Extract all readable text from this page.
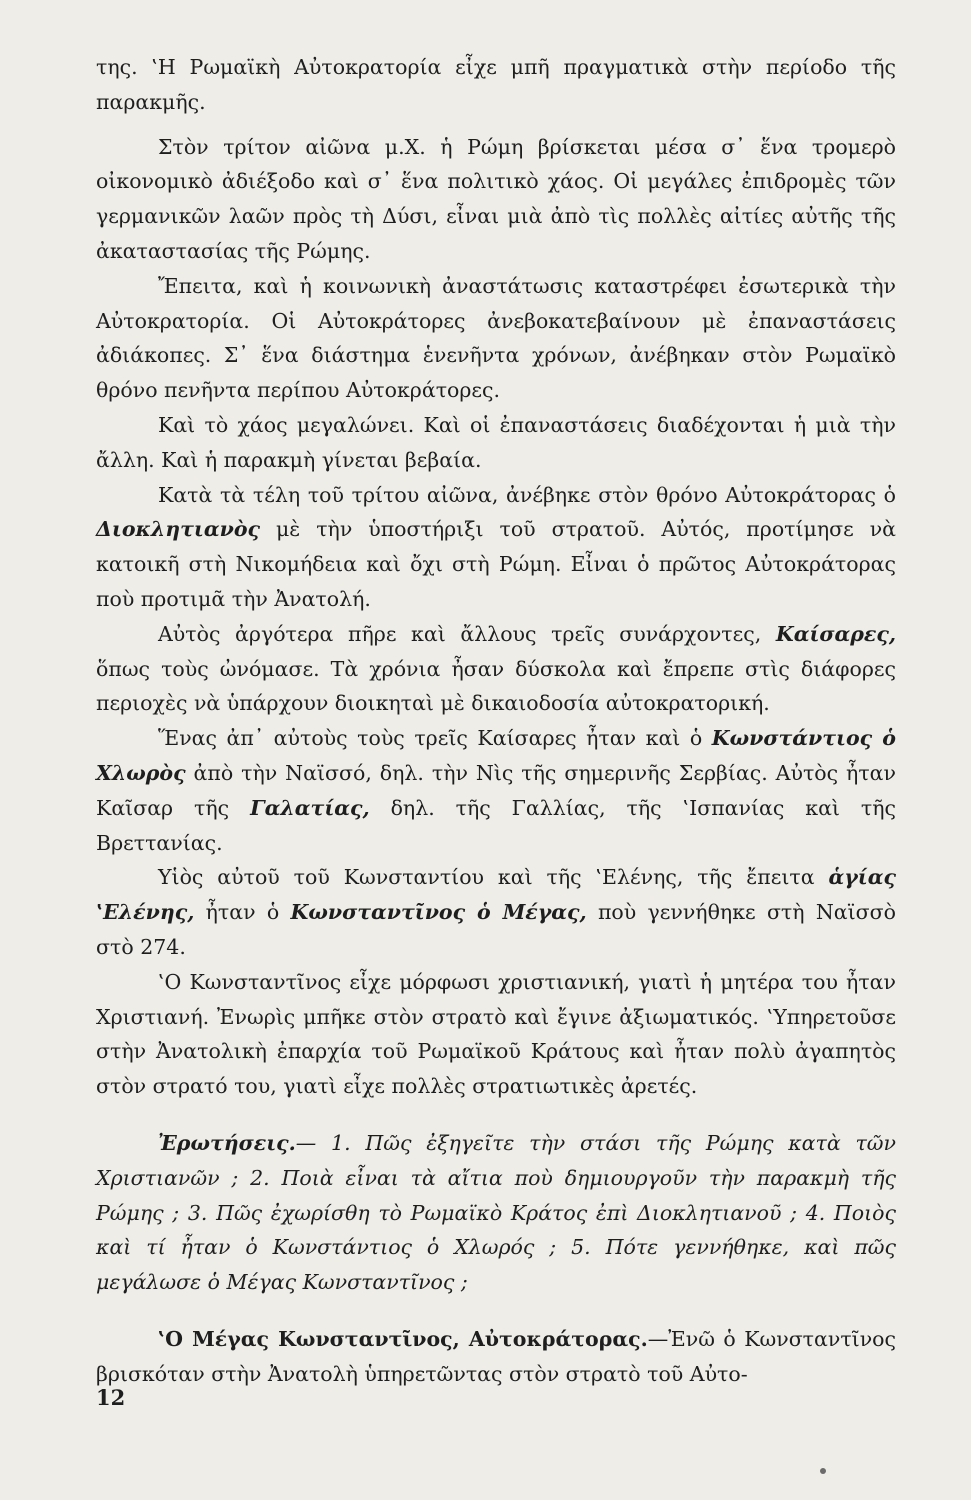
της. ‛Η Ρωμαϊκὴ Αὐτοκρατορία εἶχε μπῆ πραγματικὰ στὴν περίοδο τῆς παρακμῆς.

Στὸν τρίτον αἰῶνα μ.Χ. ἡ Ρώμη βρίσκεται μέσα σ᾿ ἕνα τρομερὸ οἰκονομικὸ ἀδιέξοδο καὶ σ᾿ ἕνα πολιτικὸ χάος. Οἱ μεγάλες ἐπιδρομὲς τῶν γερμανικῶν λαῶν πρὸς τὴ Δύσι, εἶναι μιὰ ἀπὸ τὶς πολλὲς αἰτίες αὐτῆς τῆς ἀκαταστασίας τῆς Ρώμης.

Ἔπειτα, καὶ ἡ κοινωνικὴ ἀναστάτωσις καταστρέφει ἐσωτερικὰ τὴν Αὐτοκρατορία. Οἱ Αὐτοκράτορες ἀνεβοκατεβαίνουν μὲ ἐπαναστάσεις ἀδιάκοπες. Σ᾿ ἕνα διάστημα ἑνενῆντα χρόνων, ἀνέβηκαν στὸν Ρωμαϊκὸ θρόνο πενῆντα περίπου Αὐτοκράτορες.

Καὶ τὸ χάος μεγαλώνει. Καὶ οἱ ἐπαναστάσεις διαδέχονται ἡ μιὰ τὴν ἄλλη. Καὶ ἡ παρακμὴ γίνεται βεβαία.

Κατὰ τὰ τέλη τοῦ τρίτου αἰῶνα, ἀνέβηκε στὸν θρόνο Αὐτοκράτορας ὁ Διοκλητιανὸς μὲ τὴν ὑποστήριξι τοῦ στρατοῦ. Αὐτός, προτίμησε νὰ κατοικῆ στὴ Νικομήδεια καὶ ὄχι στὴ Ρώμη. Εἶναι ὁ πρῶτος Αὐτοκράτορας ποὺ προτιμᾶ τὴν Ἀνατολή.

Αὐτὸς ἀργότερα πῆρε καὶ ἄλλους τρεῖς συνάρχοντες, Καίσαρες, ὅπως τοὺς ὠνόμασε. Τὰ χρόνια ἦσαν δύσκολα καὶ ἔπρεπε στὶς διάφορες περιοχὲς νὰ ὑπάρχουν διοικηταὶ μὲ δικαιοδοσία αὐτοκρατορική.

Ἕνας ἀπ᾿ αὐτοὺς τοὺς τρεῖς Καίσαρες ἦταν καὶ ὁ Κωνστάντιος ὁ Χλωρὸς ἀπὸ τὴν Ναϊσσό, δηλ. τὴν Νὶς τῆς σημερινῆς Σερβίας. Αὐτὸς ἦταν Καῖσαρ τῆς Γαλατίας, δηλ. τῆς Γαλλίας, τῆς ‛Ισπανίας καὶ τῆς Βρεττανίας.

Υἱὸς αὐτοῦ τοῦ Κωνσταντίου καὶ τῆς ‛Ελένης, τῆς ἔπειτα ἁγίας ‛Ελένης, ἦταν ὁ Κωνσταντῖνος ὁ Μέγας, ποὺ γεννήθηκε στὴ Ναϊσσὸ στὸ 274.

‛Ο Κωνσταντῖνος εἶχε μόρφωσι χριστιανική, γιατὶ ἡ μητέρα του ἦταν Χριστιανή. Ἐνωρὶς μπῆκε στὸν στρατὸ καὶ ἔγινε ἀξιωματικός. ‛Υπηρετοῦσε στὴν Ἀνατολικὴ ἐπαρχία τοῦ Ρωμαϊκοῦ Κράτους καὶ ἦταν πολὺ ἀγαπητὸς στὸν στρατό του, γιατὶ εἶχε πολλὲς στρατιωτικὲς ἀρετές.

Ἐρωτήσεις.— 1. Πῶς ἐξηγεῖτε τὴν στάσι τῆς Ρώμης κατὰ τῶν Χριστιανῶν ; 2. Ποιὰ εἶναι τὰ αἴτια ποὺ δημιουργοῦν τὴν παρακμὴ τῆς Ρώμης ; 3. Πῶς ἐχωρίσθη τὸ Ρωμαϊκὸ Κράτος ἐπὶ Διοκλητιανοῦ ; 4. Ποιὸς καὶ τί ἦταν ὁ Κωνστάντιος ὁ Χλωρός ; 5. Πότε γεννήθηκε, καὶ πῶς μεγάλωσε ὁ Μέγας Κωνσταντῖνος ;

‛Ο Μέγας Κωνσταντῖνος, Αὐτοκράτορας.—Ἐνῶ ὁ Κωνσταντῖνος βρισκόταν στὴν Ἀνατολὴ ὑπηρετῶντας στὸν στρατὸ τοῦ Αὐτο-

12
